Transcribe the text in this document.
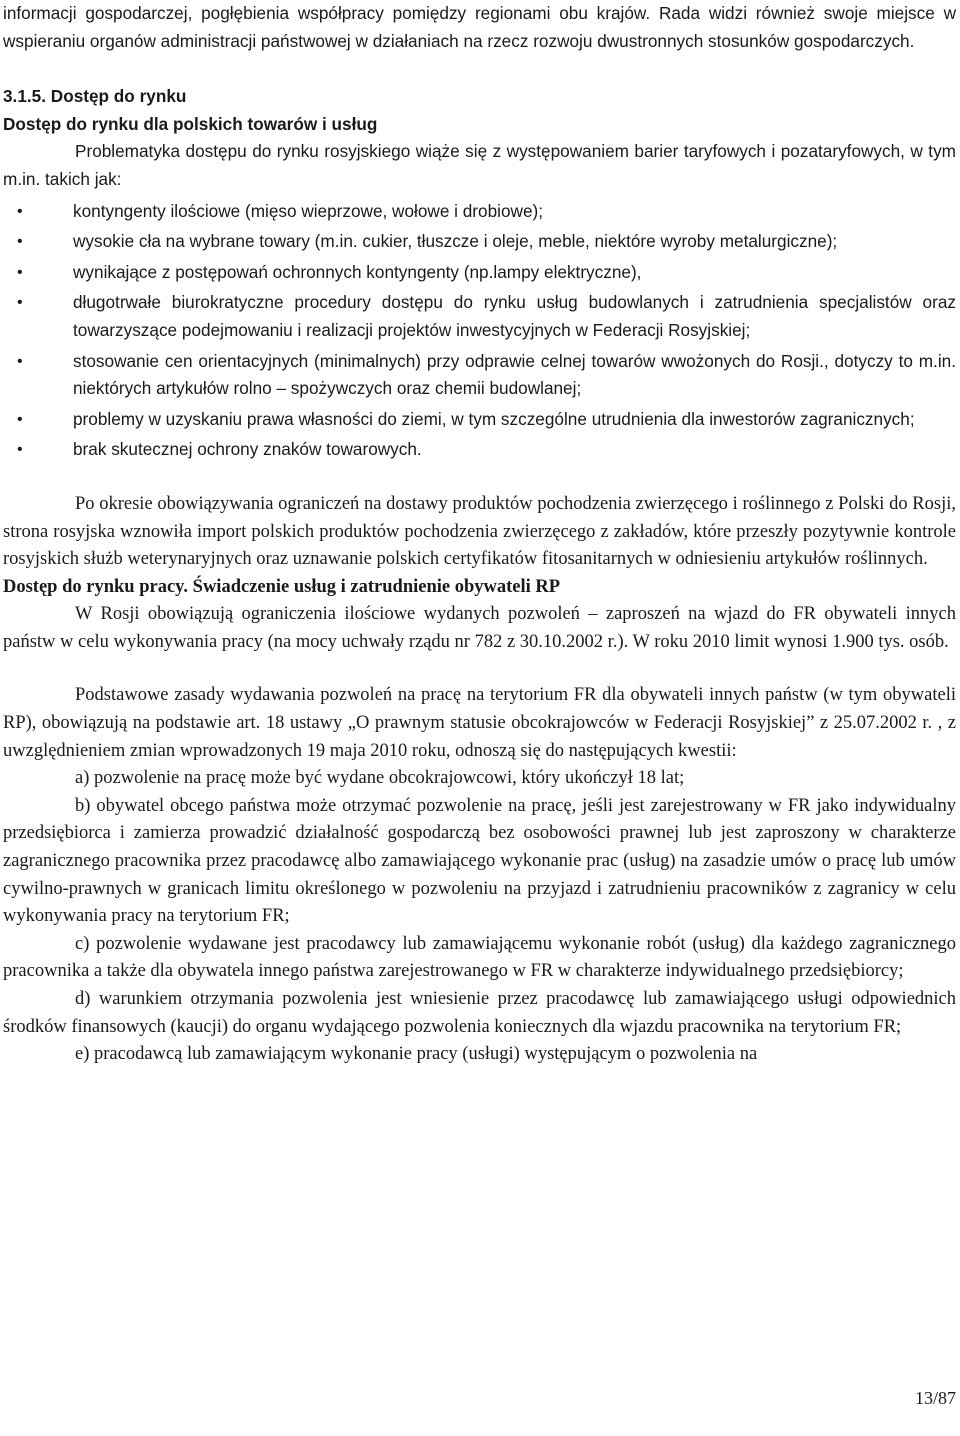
informacji gospodarczej, pogłębienia współpracy pomiędzy regionami obu krajów. Rada widzi również swoje miejsce w wspieraniu organów administracji państwowej w działaniach na rzecz rozwoju dwustronnych stosunków gospodarczych.

3.1.5. Dostęp do rynku

Dostęp do rynku dla polskich towarów i usług

Problematyka dostępu do rynku rosyjskiego wiąże się z występowaniem barier taryfowych i pozataryfowych, w tym m.in. takich jak:

•	kontyngenty ilościowe (mięso wieprzowe, wołowe i drobiowe);
•	wysokie cła na wybrane towary (m.in. cukier, tłuszcze i oleje, meble, niektóre wyroby metalurgiczne);
•	wynikające z postępowań ochronnych kontyngenty (np.lampy elektryczne),
•	długotrwałe biurokratyczne procedury dostępu do rynku usług budowlanych i zatrudnienia specjalistów oraz towarzyszące podejmowaniu i realizacji projektów inwestycyjnych w Federacji Rosyjskiej;
•	stosowanie cen orientacyjnych (minimalnych) przy odprawie celnej towarów wwożonych do Rosji., dotyczy to m.in. niektórych artykułów rolno – spożywczych oraz chemii budowlanej;
•	problemy w uzyskaniu prawa własności do ziemi, w tym szczególne utrudnienia dla inwestorów zagranicznych;
•	brak skutecznej ochrony znaków towarowych.

Po okresie obowiązywania ograniczeń na dostawy produktów pochodzenia zwierzęcego i roślinnego z Polski do Rosji, strona rosyjska wznowiła import polskich produktów pochodzenia zwierzęcego z zakładów, które przeszły pozytywnie kontrole rosyjskich służb weterynaryjnych oraz uznawanie polskich certyfikatów fitosanitarnych w odniesieniu artykułów roślinnych.

Dostęp do rynku pracy. Świadczenie usług i zatrudnienie obywateli RP

W Rosji obowiązują ograniczenia ilościowe wydanych pozwoleń – zaproszeń na wjazd do FR obywateli innych państw w celu wykonywania pracy (na mocy uchwały rządu nr 782 z 30.10.2002 r.). W roku 2010 limit wynosi 1.900 tys. osób.

Podstawowe zasady wydawania pozwoleń na pracę na terytorium FR dla obywateli innych państw (w tym obywateli RP), obowiązują na podstawie art. 18 ustawy „O prawnym statusie obcokrajowców w Federacji Rosyjskiej” z 25.07.2002 r. , z uwzględnieniem zmian wprowadzonych 19 maja 2010 roku, odnoszą się do następujących kwestii:

a) pozwolenie na pracę może być wydane obcokrajowcowi, który ukończył 18 lat;

b) obywatel obcego państwa może otrzymać pozwolenie na pracę, jeśli jest zarejestrowany w FR jako indywidualny przedsiębiorca i zamierza prowadzić działalność gospodarczą bez osobowości prawnej lub jest zaproszony w charakterze zagranicznego pracownika przez pracodawcę albo zamawiającego wykonanie prac (usług) na zasadzie umów o pracę lub umów cywilno-prawnych w granicach limitu określonego w pozwoleniu na przyjazd i zatrudnieniu pracowników z zagranicy w celu wykonywania pracy na terytorium FR;

c) pozwolenie wydawane jest pracodawcy lub zamawiającemu wykonanie robót (usług) dla każdego zagranicznego pracownika a także dla obywatela innego państwa zarejestrowanego w FR w charakterze indywidualnego przedsiębiorcy;

d) warunkiem otrzymania pozwolenia jest wniesienie przez pracodawcę lub zamawiającego usługi odpowiednich środków finansowych (kaucji) do organu wydającego pozwolenia koniecznych dla wjazdu pracownika na terytorium FR;

e) pracodawcą lub zamawiającym wykonanie pracy (usługi) występującym o pozwolenia na

13/87
